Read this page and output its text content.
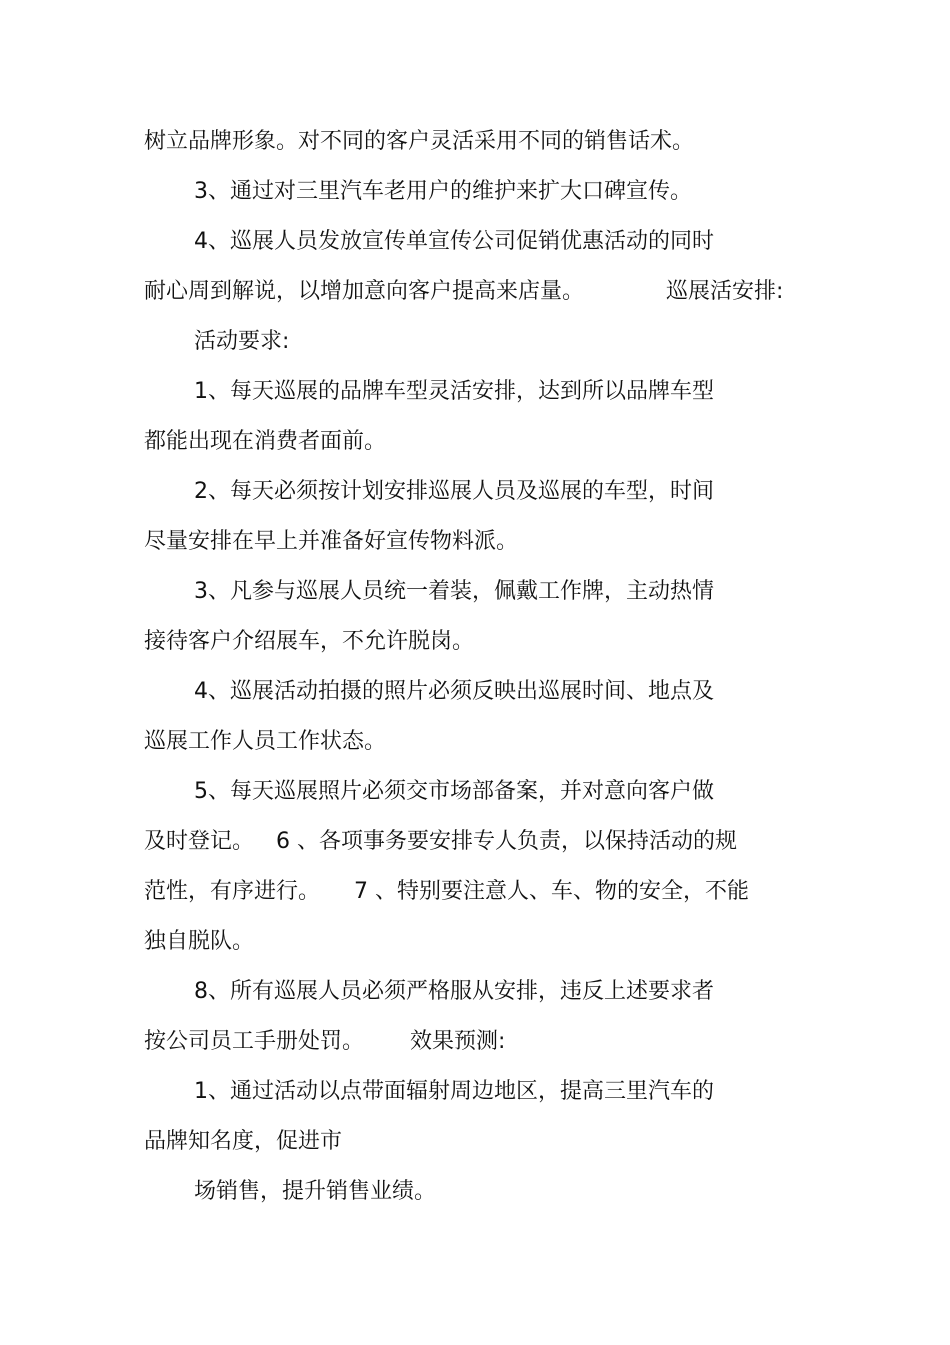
树立品牌形象。对不同的客户灵活采用不同的销售话术。
3、通过对三里汽车老用户的维护来扩大口碑宣传。
4、巡展人员发放宣传单宣传公司促销优惠活动的同时
耐心周到解说，以增加意向客户提高来店量。	巡展活安排:
活动要求:
1、每天巡展的品牌车型灵活安排，达到所以品牌车型
都能出现在消费者面前。
2、每天必须按计划安排巡展人员及巡展的车型，时间
尽量安排在早上并准备好宣传物料派。
3、凡参与巡展人员统一着装，佩戴工作牌，主动热情
接待客户介绍展车，不允许脱岗。
4、巡展活动拍摄的照片必须反映出巡展时间、地点及
巡展工作人员工作状态。
5、每天巡展照片必须交市场部备案，并对意向客户做
及时登记。 6 、各项事务要安排专人负责，以保持活动的规
范性，有序进行。 7 、特别要注意人、车、物的安全，不能
独自脱队。
8、所有巡展人员必须严格服从安排，违反上述要求者
按公司员工手册处罚。 效果预测:
1、通过活动以点带面辐射周边地区，提高三里汽车的
品牌知名度，促进市
场销售，提升销售业绩。
